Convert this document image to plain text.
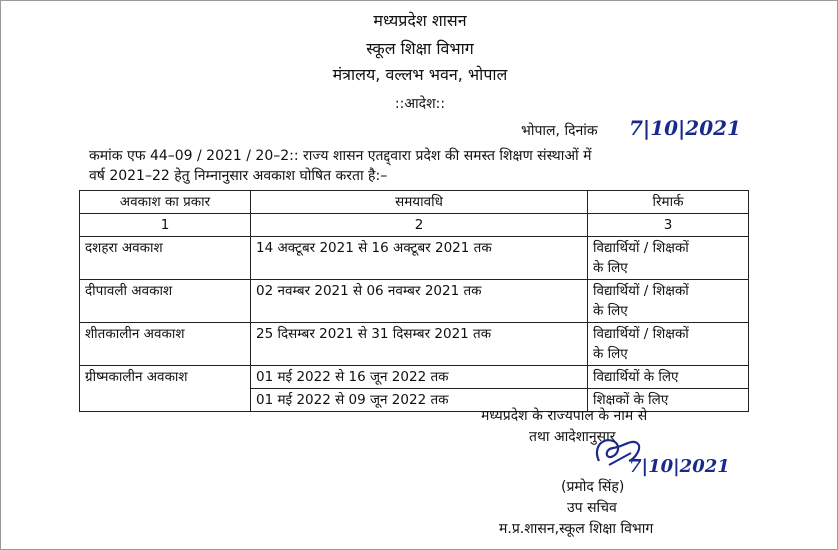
मध्यप्रदेश शासन
स्कूल शिक्षा विभाग
मंत्रालय, वल्लभ भवन, भोपाल
::आदेश::
भोपाल, दिनांक 7|10|2021
कमांक एफ 44–09 / 2021 / 20–2:: राज्य शासन एतद्द्वारा प्रदेश की समस्त शिक्षण संस्थाओं में
वर्ष 2021–22 हेतु निम्नानुसार अवकाश घोषित करता है:–
अवकाश का प्रकार	समयावधि	रिमार्क
1	2	3
दशहरा अवकाश	14 अक्टूबर 2021 से 16 अक्टूबर 2021 तक	विद्यार्थियों / शिक्षकों
के लिए

दीपावली अवकाश	02 नवम्बर 2021 से 06 नवम्बर 2021 तक	विद्यार्थियों / शिक्षकों
के लिए

शीतकालीन अवकाश	25 दिसम्बर 2021 से 31 दिसम्बर 2021 तक	विद्यार्थियों / शिक्षकों
के लिए

ग्रीष्मकालीन अवकाश	01 मई 2022 से 16 जून 2022 तक	विद्यार्थियों के लिए
	01 मई 2022 से 09 जून 2022 तक	शिक्षकों के लिए
मध्यप्रदेश के राज्यपाल के नाम से
तथा आदेशानुसार
7|10|2021
(प्रमोद सिंह)
उप सचिव
म.प्र.शासन,स्कूल शिक्षा विभाग
